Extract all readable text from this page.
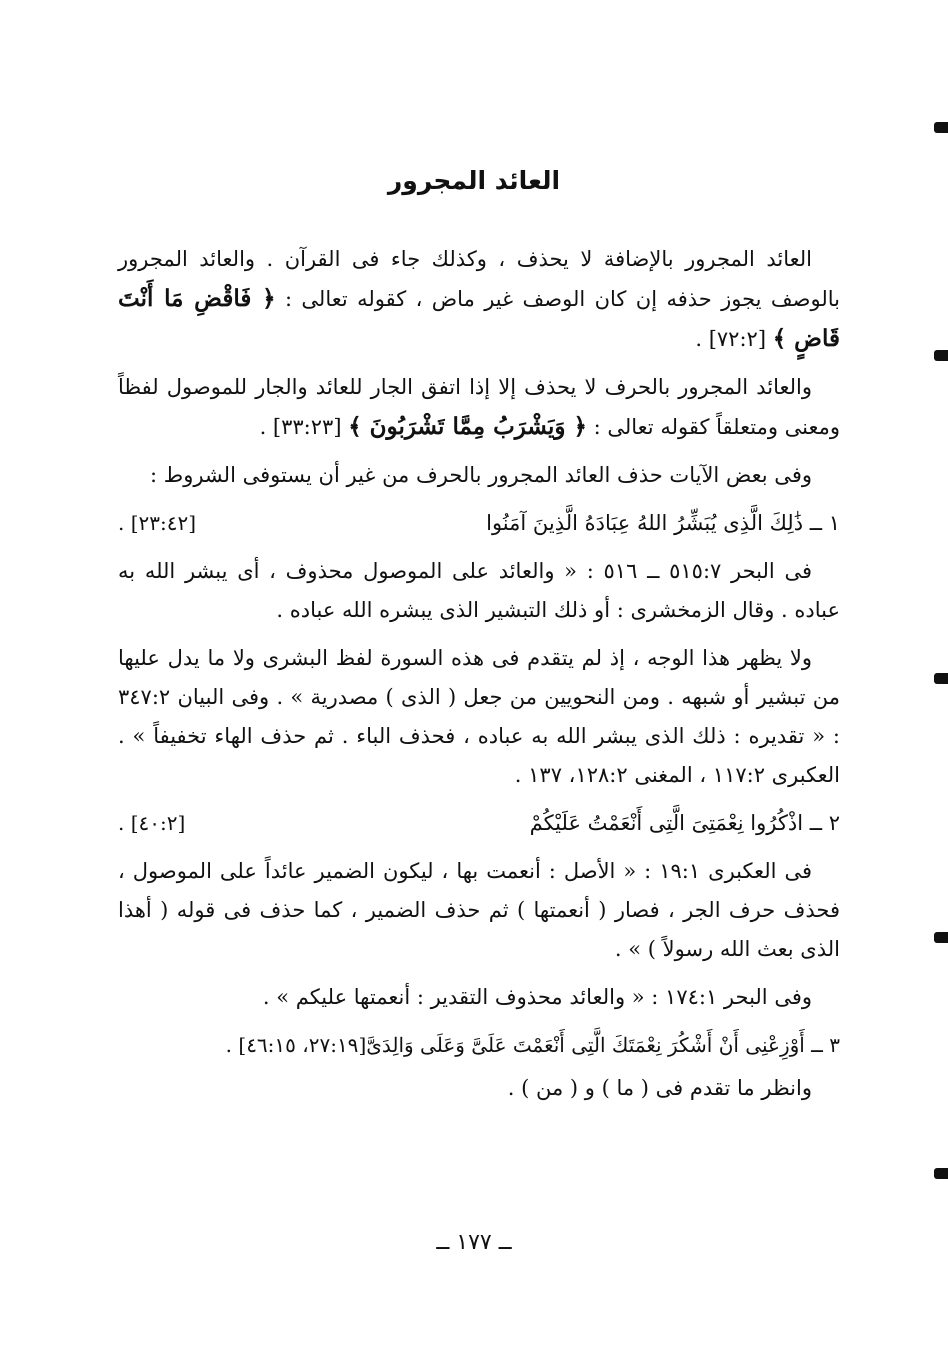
العائد المجرور

العائد المجرور بالإضافة لا يحذف ، وكذلك جاء فى القرآن . والعائد المجرور بالوصف يجوز حذفه إن كان الوصف غير ماض ، كقوله تعالى : ﴿ فَاقْضِ مَا أَنْتَ قَاضٍ ﴾ [٧٢:٢] .

والعائد المجرور بالحرف لا يحذف إلا إذا اتفق الجار للعائد والجار للموصول لفظاً ومعنى ومتعلقاً كقوله تعالى : ﴿ وَيَشْرَبُ مِمَّا تَشْرَبُونَ ﴾ [٣٣:٢٣] .

وفى بعض الآيات حذف العائد المجرور بالحرف من غير أن يستوفى الشروط :

١ ــ ذَٰلِكَ الَّذِى يُبَشِّرُ اللهُ عِبَادَهُ الَّذِينَ آمَنُوا
[٢٣:٤٢] .

فى البحر ٥١٥:٧ ــ ٥١٦ : « والعائد على الموصول محذوف ، أى يبشر الله به عباده . وقال الزمخشرى : أو ذلك التبشير الذى يبشره الله عباده .

ولا يظهر هذا الوجه ، إذ لم يتقدم فى هذه السورة لفظ البشرى ولا ما يدل عليها من تبشير أو شبهه . ومن النحويين من جعل ( الذى ) مصدرية » . وفى البيان ٣٤٧:٢ : « تقديره : ذلك الذى يبشر الله به عباده ، فحذف الباء . ثم حذف الهاء تخفيفاً » . العكبرى ١١٧:٢ ، المغنى ١٢٨:٢، ١٣٧ .

٢ ــ اذْكُرُوا نِعْمَتِىَ الَّتِى أَنْعَمْتُ عَلَيْكُمْ
[٤٠:٢] .

فى العكبرى ١٩:١ : « الأصل : أنعمت بها ، ليكون الضمير عائداً على الموصول ، فحذف حرف الجر ، فصار ( أنعمتها ) ثم حذف الضمير ، كما حذف فى قوله ( أهذا الذى بعث الله رسولاً ) » .

وفى البحر ١٧٤:١ : « والعائد محذوف التقدير : أنعمتها عليكم » .

٣ ــ أَوْزِعْنِى أَنْ أَشْكُرَ نِعْمَتَكَ الَّتِى أَنْعَمْتَ عَلَىَّ وَعَلَى وَالِدَىَّ[٢٧:١٩، ٤٦:١٥] .

وانظر ما تقدم فى ( ما ) و ( من ) .

ــ ١٧٧ ــ
